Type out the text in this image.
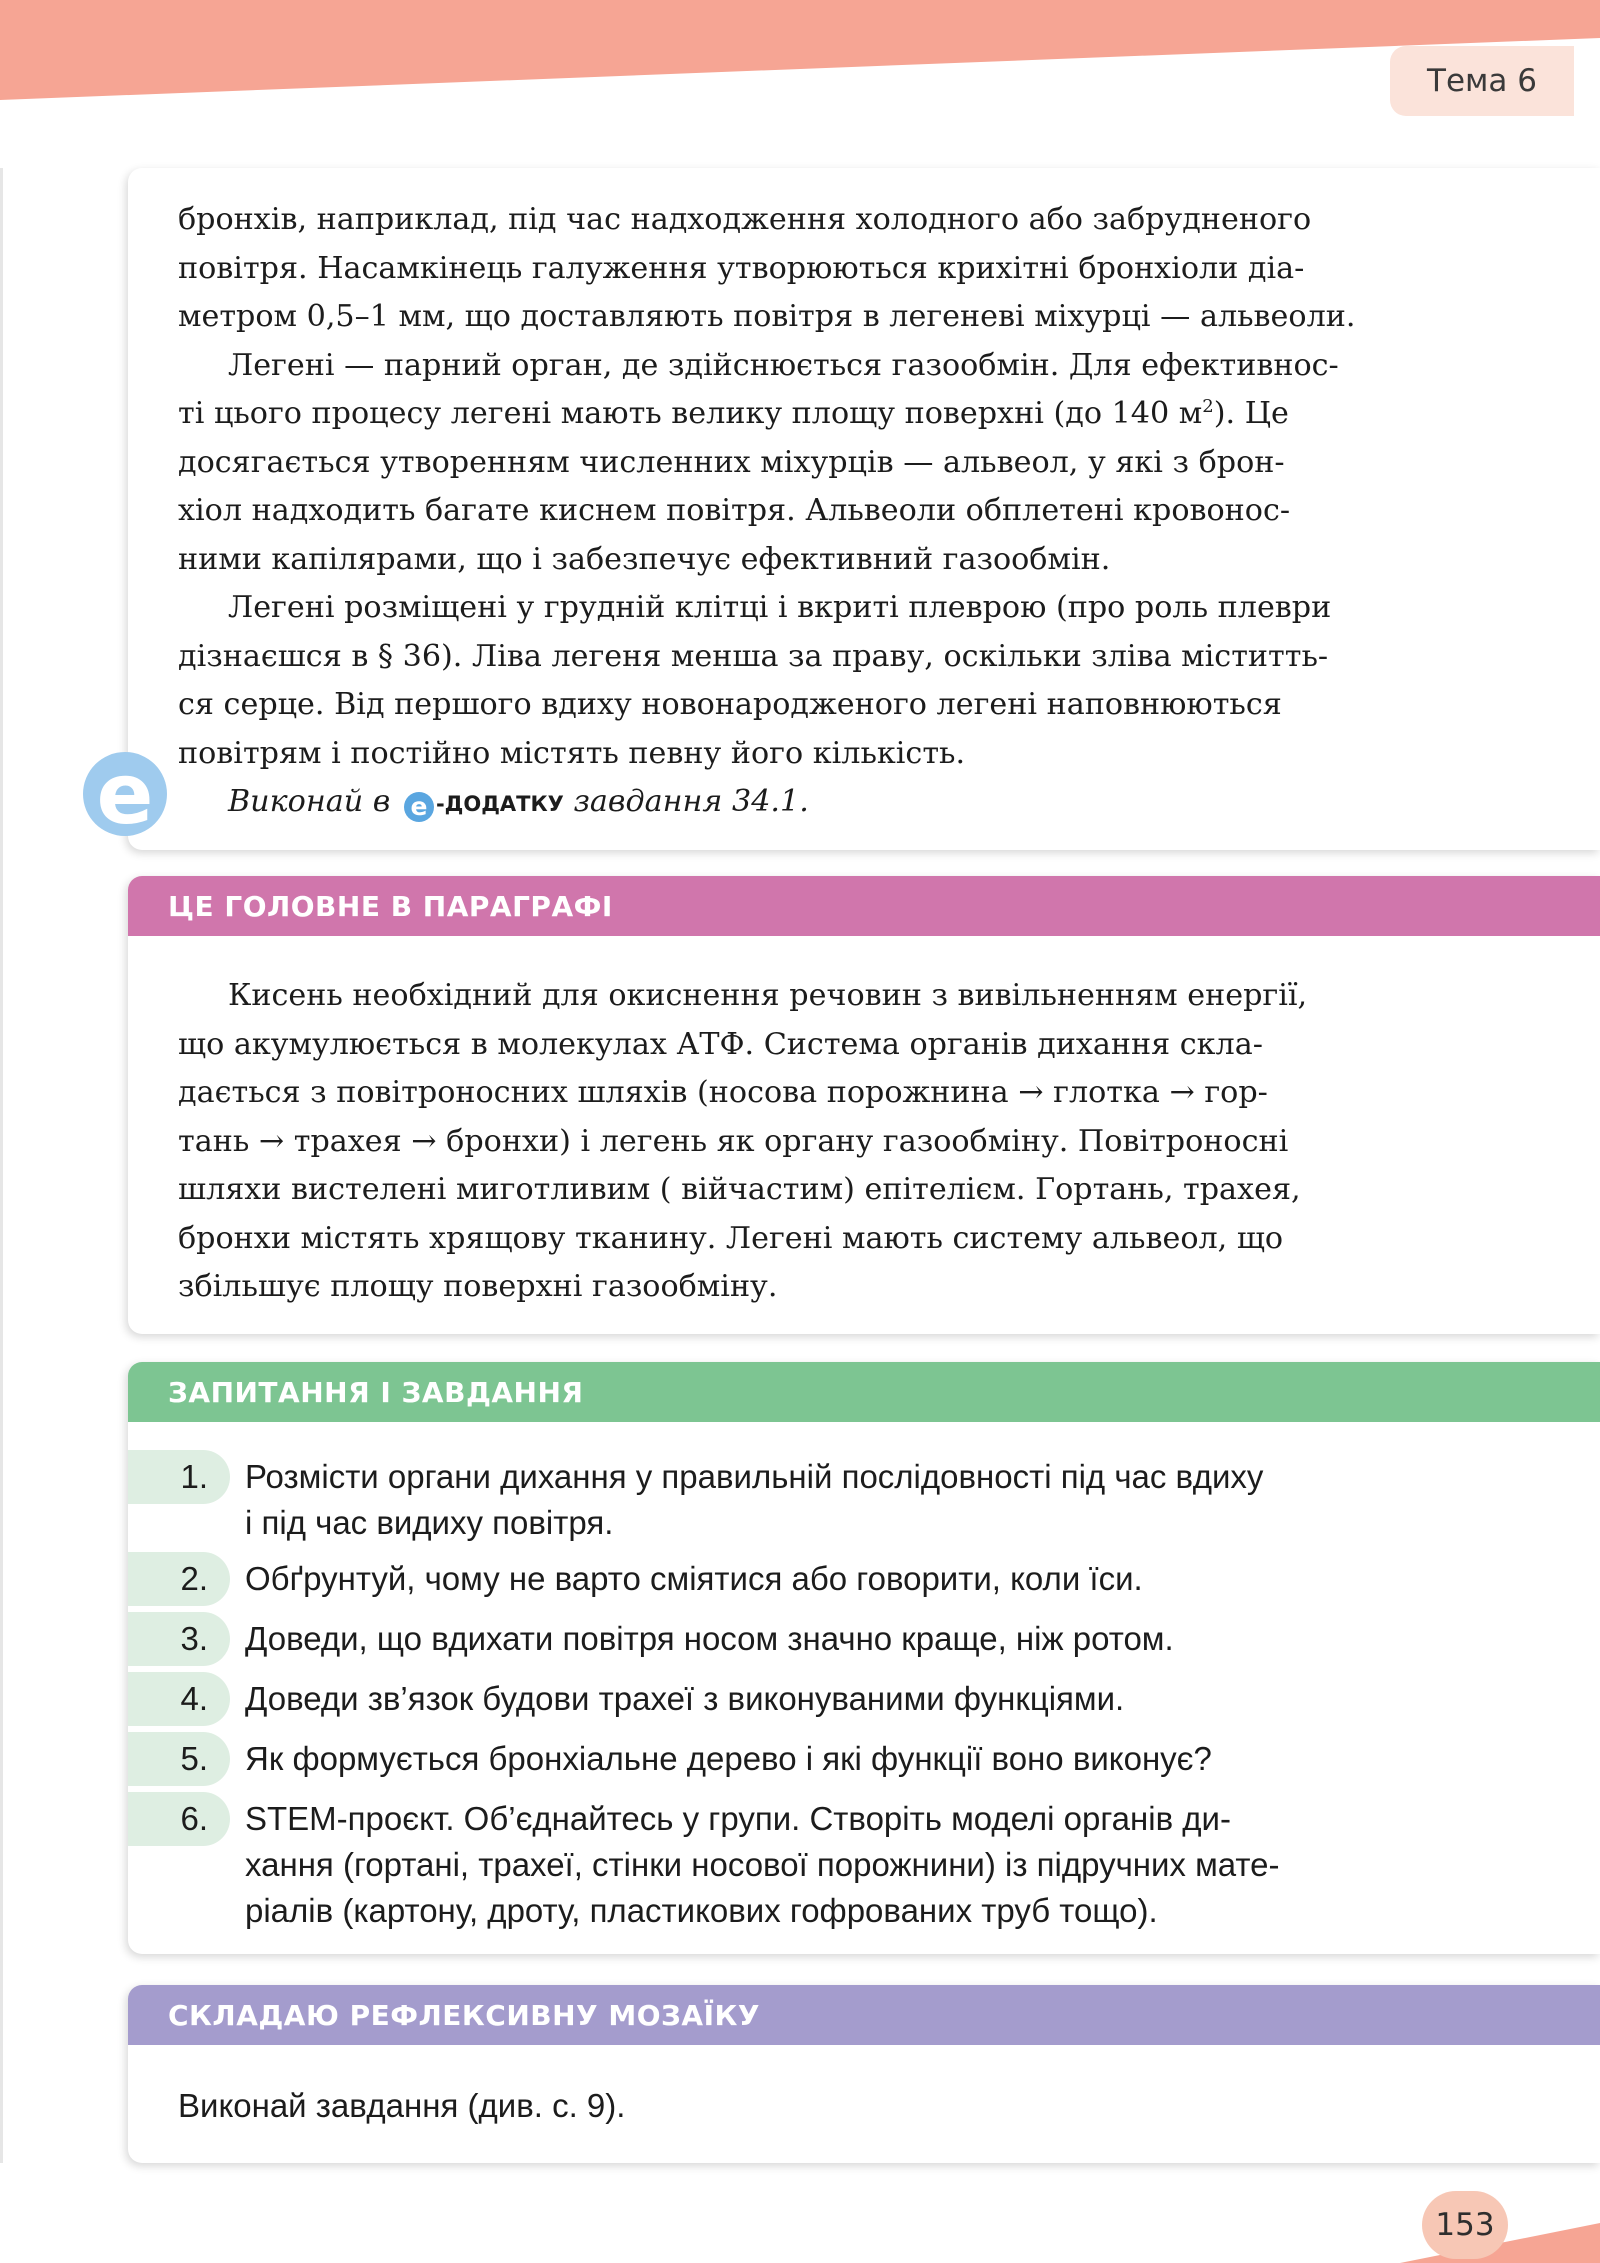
Тема 6
бронхів, наприклад, під час надходження холодного або забрудненого
повітря. Насамкінець галуження утворюються крихітні бронхіоли діа-
метром 0,5–1 мм, що доставляють повітря в легеневі міхурці — альвеоли.
Легені — парний орган, де здійснюється газообмін. Для ефективнос-
ті цього процесу легені мають велику площу поверхні (до 140 $м^2$). Це
досягається утворенням численних міхурців — альвеол, у які з брон-
хіол надходить багате киснем повітря. Альвеоли обплетені кровонос-
ними капілярами, що і забезпечує ефективний газообмін.
Легені розміщені у грудній клітці і вкриті плеврою (про роль плеври
дізнаєшся в § 36). Ліва легеня менша за праву, оскільки зліва міститть-
ся серце. Від першого вдиху новонародженого легені наповнюються
повітрям і постійно містять певну його кількість.
Виконай в e -ДОДАТКУ завдання 34.1.
e
ЦЕ ГОЛОВНЕ В ПАРАГРАФІ
Кисень необхідний для окиснення речовин з вивільненням енергії,
що акумулюється в молекулах АТФ. Система органів дихання скла-
дається з повітроносних шляхів (носова порожнина → глотка → гор-
тань → трахея → бронхи) і легень як органу газообміну. Повітроносні
шляхи вистелені миготливим ( війчастим) епітелієм. Гортань, трахея,
бронхи містять хрящову тканину. Легені мають систему альвеол, що
збільшує площу поверхні газообміну.
ЗАПИТАННЯ І ЗАВДАННЯ
1.	Розмісти органи дихання у правильній послідовності під час вдиху
і під час видиху повітря.
2.	Обґрунтуй, чому не варто сміятися або говорити, коли їси.
3.	Доведи, що вдихати повітря носом значно краще, ніж ротом.
4.	Доведи зв’язок будови трахеї з виконуваними функціями.
5.	Як формується бронхіальне дерево і які функції воно виконує?
6.	STEM-проєкт. Об’єднайтесь у групи. Створіть моделі органів ди-
хання (гортані, трахеї, стінки носової порожнини) із підручних мате-
ріалів (картону, дроту, пластикових гофрованих труб тощо).
СКЛАДАЮ РЕФЛЕКСИВНУ МОЗАЇКУ
Виконай завдання (див. с. 9).
153
